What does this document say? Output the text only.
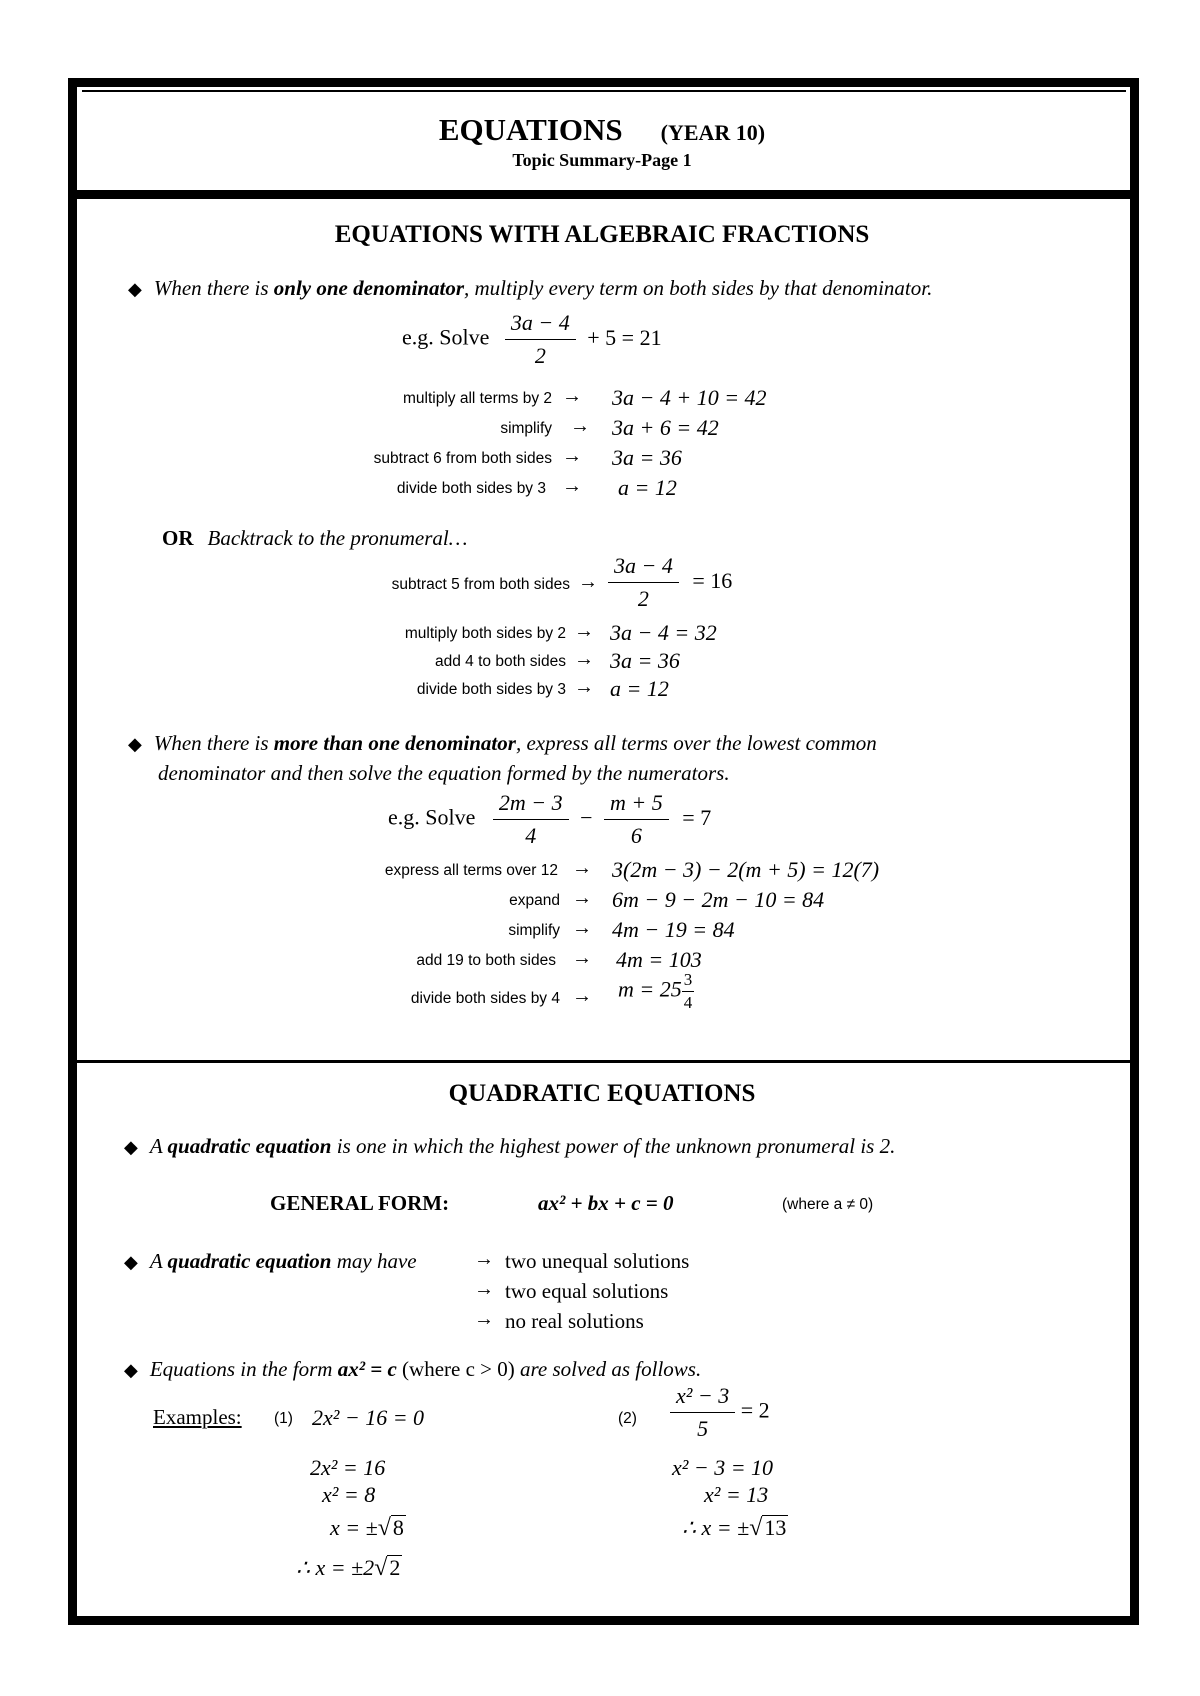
EQUATIONS (YEAR 10)
Topic Summary-Page 1
EQUATIONS WITH ALGEBRAIC FRACTIONS
◆ When there is only one denominator, multiply every term on both sides by that denominator.
e.g. Solve $\frac{3a - 4}{2} + 5 = 21$
multiply all terms by 2 → 3a − 4 + 10 = 42
simplify → 3a + 6 = 42
subtract 6 from both sides → 3a = 36
divide both sides by 3 → a = 12
OR Backtrack to the pronumeral…
subtract 5 from both sides → $\frac{3a - 4}{2} = 16$
multiply both sides by 2 → 3a − 4 = 32
add 4 to both sides → 3a = 36
divide both sides by 3 → a = 12
◆ When there is more than one denominator, express all terms over the lowest common
denominator and then solve the equation formed by the numerators.
e.g. Solve $\frac{2m - 3}{4} - \frac{m + 5}{6} = 7$
express all terms over 12 → 3(2m − 3) − 2(m + 5) = 12(7)
expand → 6m − 9 − 2m − 10 = 84
simplify → 4m − 19 = 84
add 19 to both sides → 4m = 103
divide both sides by $4 \to m = 25 \frac{3}{4}$
QUADRATIC EQUATIONS
◆ A quadratic equation is one in which the highest power of the unknown pronumeral is 2.
GENERAL FORM:	ax² + bx + c = 0	(where a ≠ 0)
◆ A quadratic equation may have	→ two unequal solutions
→ two equal solutions
→ no real solutions
◆ Equations in the form ax² = c (where c > 0) are solved as follows.
Examples: (1) 2x² − 16 = 0
2x² = 16
x² = 8
x = ±√8
∴ x = ±2√2
$(2) \frac{\text{x² − 3}}{5} = 2$
x² − 3 = 10
x² = 13
∴ x = ±√13
